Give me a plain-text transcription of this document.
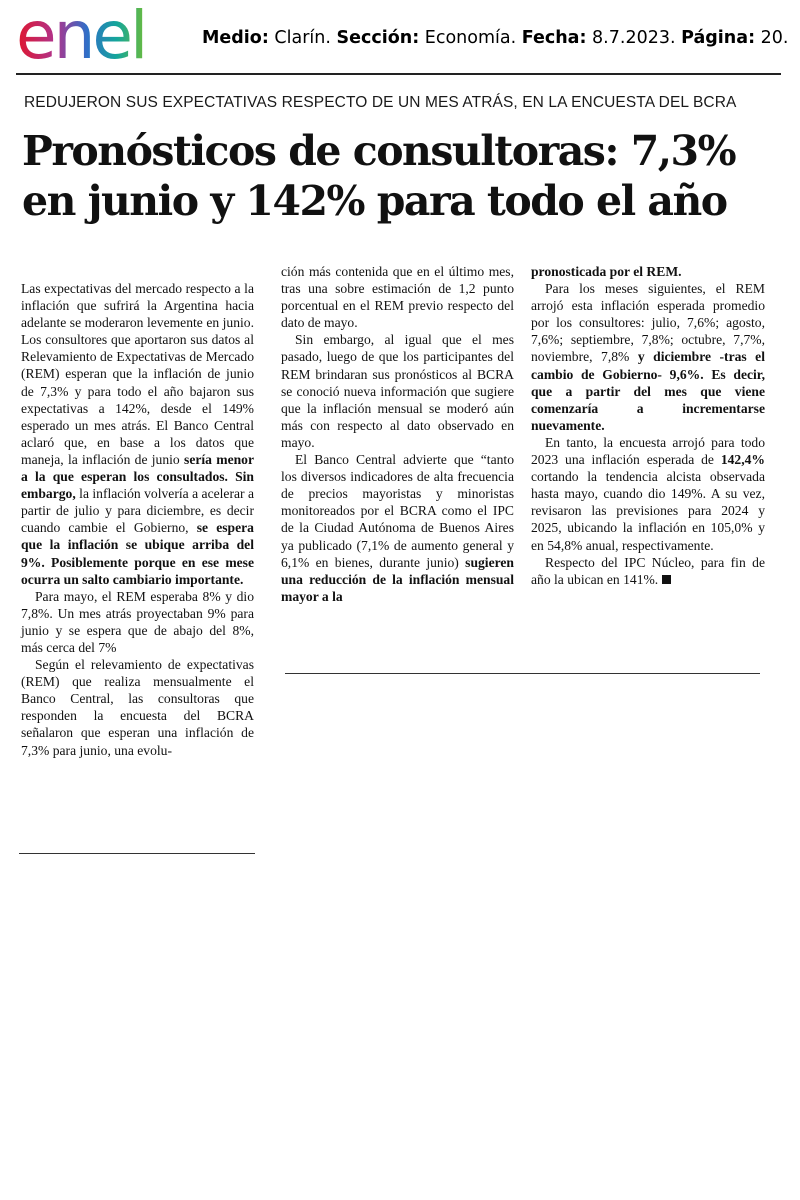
enel	Medio: Clarín. Sección: Economía. Fecha: 8.7.2023. Página: 20.
REDUJERON SUS EXPECTATIVAS RESPECTO DE UN MES ATRÁS, EN LA ENCUESTA DEL BCRA
Pronósticos de consultoras: 7,3%
en junio y 142% para todo el año

Las expectativas del mercado respecto a la inflación que sufrirá la Argentina hacia adelante se moderaron levemente en junio. Los consultores que aportaron sus datos al Relevamiento de Expectativas de Mercado (REM) esperan que la inflación de junio de 7,3% y para todo el año bajaron sus expectativas a 142%, desde el 149% esperado un mes atrás. El Banco Central aclaró que, en base a los datos que maneja, la inflación de junio sería menor a la que esperan los consultados. Sin embargo, la inflación volvería a acelerar a partir de julio y para diciembre, es decir cuando cambie el Gobierno, se espera que la inflación se ubique arriba del 9%. Posiblemente porque en ese mese ocurra un salto cambiario importante.

Para mayo, el REM esperaba 8% y dio 7,8%. Un mes atrás proyectaban 9% para junio y se espera que de abajo del 8%, más cerca del 7%

Según el relevamiento de expectativas (REM) que realiza mensualmente el Banco Central, las consultoras que responden la encuesta del BCRA señalaron que esperan una inflación de 7,3% para junio, una evolu-

ción más contenida que en el último mes, tras una sobre estimación de 1,2 punto porcentual en el REM previo respecto del dato de mayo.

Sin embargo, al igual que el mes pasado, luego de que los participantes del REM brindaran sus pronósticos al BCRA se conoció nueva información que sugiere que la inflación mensual se moderó aún más con respecto al dato observado en mayo.

El Banco Central advierte que “tanto los diversos indicadores de alta frecuencia de precios mayoristas y minoristas monitoreados por el BCRA como el IPC de la Ciudad Autónoma de Buenos Aires ya publicado (7,1% de aumento general y 6,1% en bienes, durante junio) sugieren una reducción de la inflación mensual mayor a la

pronosticada por el REM.

Para los meses siguientes, el REM arrojó esta inflación esperada promedio por los consultores: julio, 7,6%; agosto, 7,6%; septiembre, 7,8%; octubre, 7,7%, noviembre, 7,8% y diciembre -tras el cambio de Gobierno- 9,6%. Es decir, que a partir del mes que viene comenzaría a incrementarse nuevamente.

En tanto, la encuesta arrojó para todo 2023 una inflación esperada de 142,4% cortando la tendencia alcista observada hasta mayo, cuando dio 149%. A su vez, revisaron las previsiones para 2024 y 2025, ubicando la inflación en 105,0% y en 54,8% anual, respectivamente.

Respecto del IPC Núcleo, para fin de año la ubican en 141%.
